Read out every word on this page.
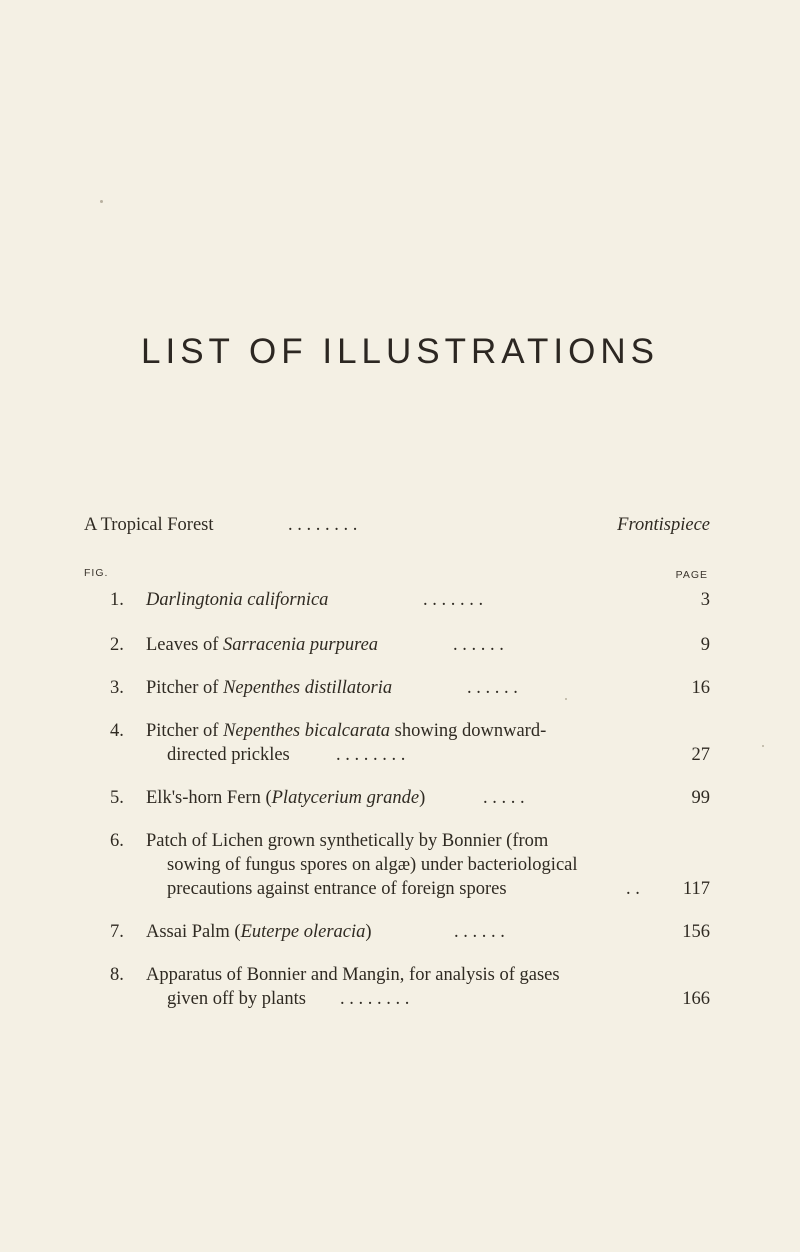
LIST OF ILLUSTRATIONS
A Tropical Forest	. . . . . . . .	Frontispiece
FIG.	PAGE
1. Darlingtonia californica	. . . . . . .	3
2. Leaves of Sarracenia purpurea	. . . . . .	9
3. Pitcher of Nepenthes distillatoria	. . . . . .	16
4. Pitcher of Nepenthes bicalcarata showing downward-
directed prickles . . . . . . . .	27
5. Elk's-horn Fern (Platycerium grande)	. . . . .	99
6. Patch of Lichen grown synthetically by Bonnier (from
sowing of fungus spores on algæ) under bacteriological
precautions against entrance of foreign spores	. . 117
7. Assai Palm (Euterpe oleracia)	. . . . . .	156
8. Apparatus of Bonnier and Mangin, for analysis of gases
given off by plants . . . . . . . .	166
